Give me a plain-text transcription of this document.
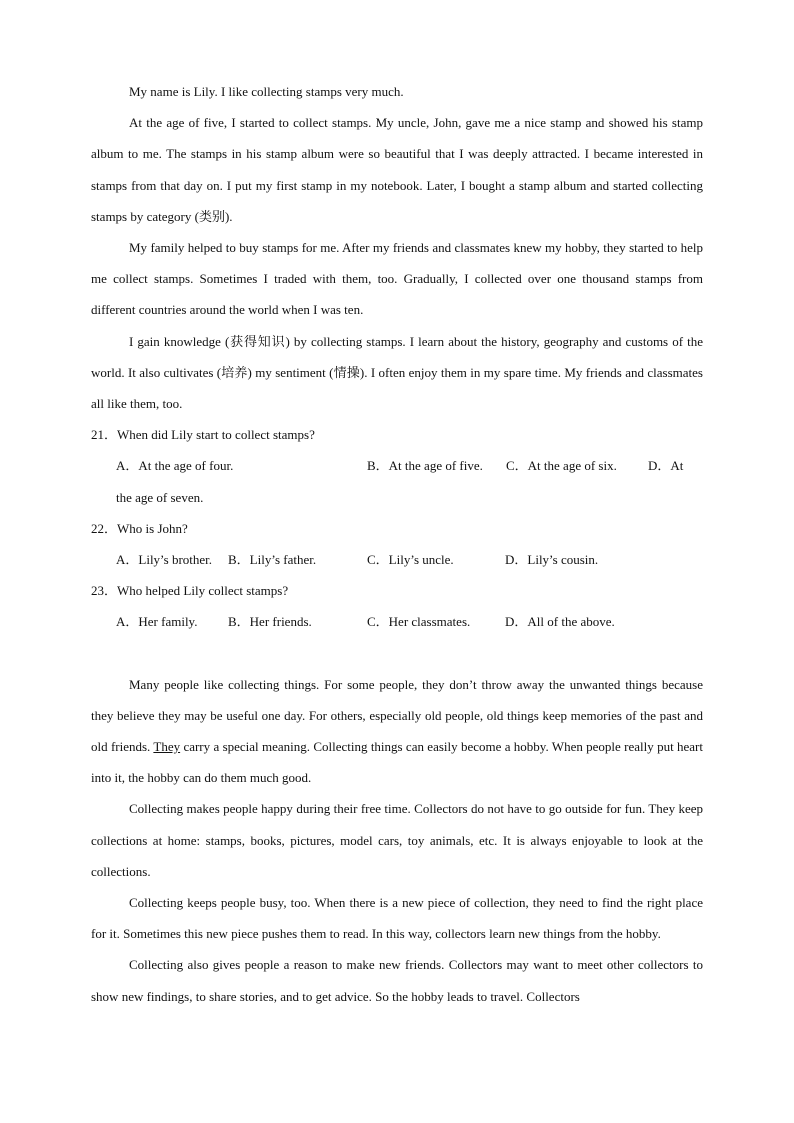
My name is Lily. I like collecting stamps very much.

At the age of five, I started to collect stamps. My uncle, John, gave me a nice stamp and showed his stamp album to me. The stamps in his stamp album were so beautiful that I was deeply attracted. I became interested in stamps from that day on. I put my first stamp in my notebook. Later, I bought a stamp album and started collecting stamps by category (类别).

My family helped to buy stamps for me. After my friends and classmates knew my hobby, they started to help me collect stamps. Sometimes I traded with them, too. Gradually, I collected over one thousand stamps from different countries around the world when I was ten.

I gain knowledge (获得知识) by collecting stamps. I learn about the history, geography and customs of the world. It also cultivates (培养) my sentiment (情操). I often enjoy them in my spare time. My friends and classmates all like them, too.

21．When did Lily start to collect stamps?

A．At the age of four.	B．At the age of five. C．At the age of six. D．At

the age of seven.

22．Who is John?

A．Lily’s brother. B．Lily’s father.	C．Lily’s uncle.	D．Lily’s cousin.

23．Who helped Lily collect stamps?

A．Her family. B．Her friends.	C．Her classmates.	D．All of the above.

Many people like collecting things. For some people, they don’t throw away the unwanted things because they believe they may be useful one day. For others, especially old people, old things keep memories of the past and old friends. They carry a special meaning. Collecting things can easily become a hobby. When people really put heart into it, the hobby can do them much good.

Collecting makes people happy during their free time. Collectors do not have to go outside for fun. They keep collections at home: stamps, books, pictures, model cars, toy animals, etc. It is always enjoyable to look at the collections.

Collecting keeps people busy, too. When there is a new piece of collection, they need to find the right place for it. Sometimes this new piece pushes them to read. In this way, collectors learn new things from the hobby.

Collecting also gives people a reason to make new friends. Collectors may want to meet other collectors to show new findings, to share stories, and to get advice. So the hobby leads to travel. Collectors
